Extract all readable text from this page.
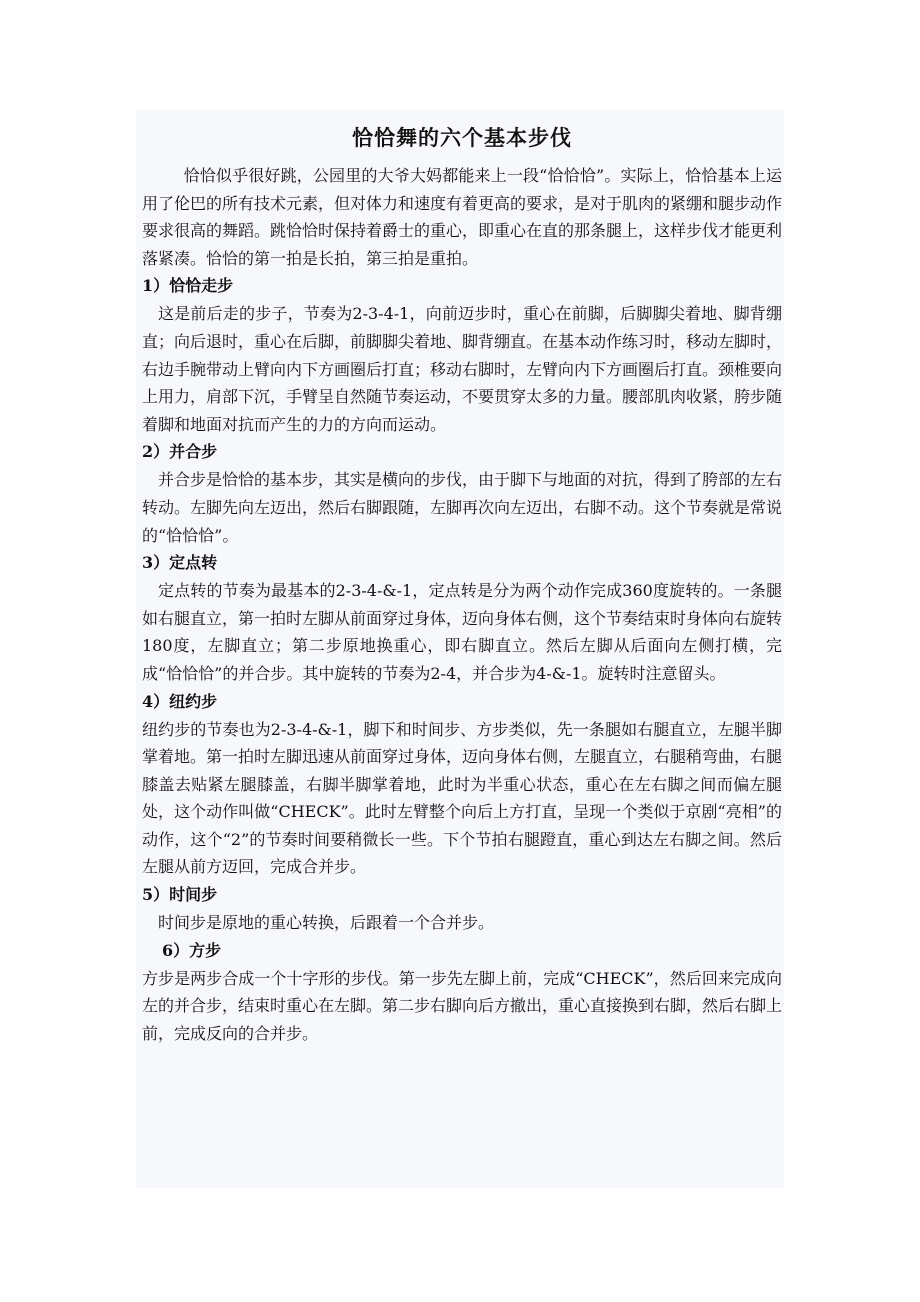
恰恰舞的六个基本步伐

恰恰似乎很好跳，公园里的大爷大妈都能来上一段“恰恰恰”。实际上，恰恰基本上运用了伦巴的所有技术元素，但对体力和速度有着更高的要求，是对于肌肉的紧绷和腿步动作要求很高的舞蹈。跳恰恰时保持着爵士的重心，即重心在直的那条腿上，这样步伐才能更利落紧凑。恰恰的第一拍是长拍，第三拍是重拍。

1）恰恰走步

这是前后走的步子，节奏为2-3-4-1，向前迈步时，重心在前脚，后脚脚尖着地、脚背绷直；向后退时，重心在后脚，前脚脚尖着地、脚背绷直。在基本动作练习时，移动左脚时，右边手腕带动上臂向内下方画圈后打直；移动右脚时，左臂向内下方画圈后打直。颈椎要向上用力，肩部下沉，手臂呈自然随节奏运动，不要贯穿太多的力量。腰部肌肉收紧，胯步随着脚和地面对抗而产生的力的方向而运动。

2）并合步

并合步是恰恰的基本步，其实是横向的步伐，由于脚下与地面的对抗，得到了胯部的左右转动。左脚先向左迈出，然后右脚跟随，左脚再次向左迈出，右脚不动。这个节奏就是常说的“恰恰恰”。

3）定点转

定点转的节奏为最基本的2-3-4-&-1，定点转是分为两个动作完成360度旋转的。一条腿如右腿直立，第一拍时左脚从前面穿过身体，迈向身体右侧，这个节奏结束时身体向右旋转180度，左脚直立；第二步原地换重心，即右脚直立。然后左脚从后面向左侧打横，完成“恰恰恰”的并合步。其中旋转的节奏为2-4，并合步为4-&-1。旋转时注意留头。

4）纽约步

纽约步的节奏也为2-3-4-&-1，脚下和时间步、方步类似，先一条腿如右腿直立，左腿半脚掌着地。第一拍时左脚迅速从前面穿过身体，迈向身体右侧，左腿直立，右腿稍弯曲，右腿膝盖去贴紧左腿膝盖，右脚半脚掌着地，此时为半重心状态，重心在左右脚之间而偏左腿处，这个动作叫做“CHECK”。此时左臂整个向后上方打直，呈现一个类似于京剧“亮相”的动作，这个“2”的节奏时间要稍微长一些。下个节拍右腿蹬直，重心到达左右脚之间。然后左腿从前方迈回，完成合并步。

5）时间步

时间步是原地的重心转换，后跟着一个合并步。

6）方步

方步是两步合成一个十字形的步伐。第一步先左脚上前，完成“CHECK”，然后回来完成向左的并合步，结束时重心在左脚。第二步右脚向后方撤出，重心直接换到右脚，然后右脚上前，完成反向的合并步。
